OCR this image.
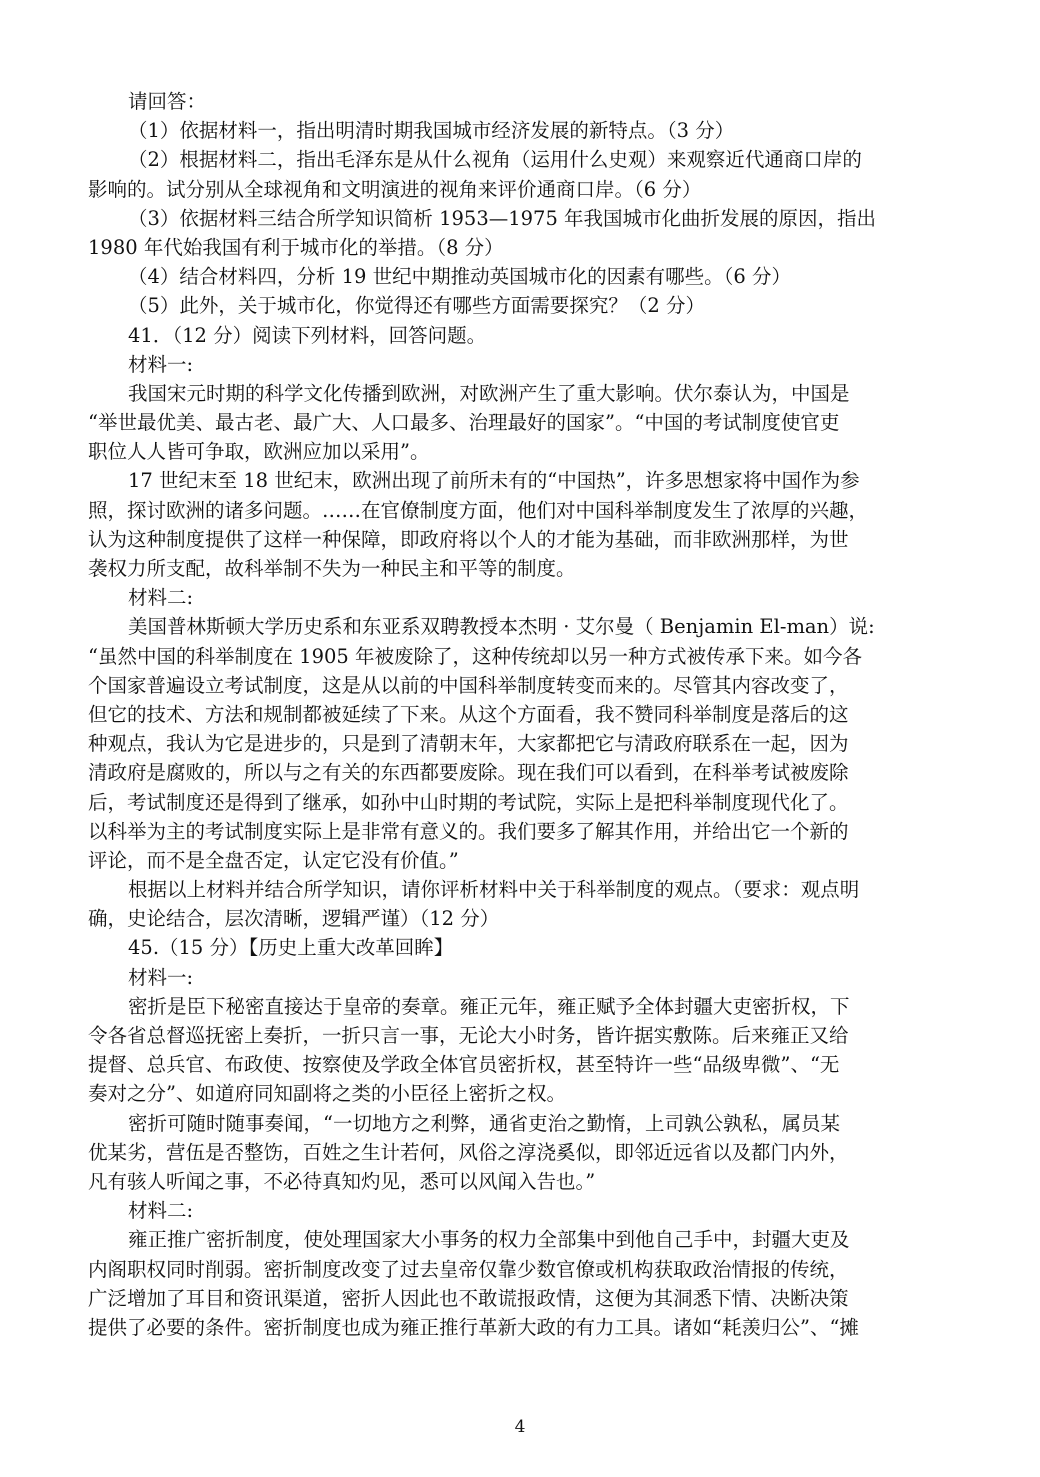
请回答：
（1）依据材料一，指出明清时期我国城市经济发展的新特点。（3 分）
（2）根据材料二，指出毛泽东是从什么视角（运用什么史观）来观察近代通商口岸的
影响的。试分别从全球视角和文明演进的视角来评价通商口岸。（6 分）
（3）依据材料三结合所学知识简析 1953—1975 年我国城市化曲折发展的原因，指出
1980 年代始我国有利于城市化的举措。（8 分）
（4）结合材料四，分析 19 世纪中期推动英国城市化的因素有哪些。（6 分）
（5）此外，关于城市化，你觉得还有哪些方面需要探究？（2 分）
41．（12 分）阅读下列材料，回答问题。
材料一:
我国宋元时期的科学文化传播到欧洲，对欧洲产生了重大影响。伏尔泰认为，中国是
“举世最优美、最古老、最广大、人口最多、治理最好的国家”。“中国的考试制度使官吏
职位人人皆可争取，欧洲应加以采用”。
17 世纪末至 18 世纪末，欧洲出现了前所未有的“中国热”，许多思想家将中国作为参
照，探讨欧洲的诸多问题。……在官僚制度方面，他们对中国科举制度发生了浓厚的兴趣，
认为这种制度提供了这样一种保障，即政府将以个人的才能为基础，而非欧洲那样，为世
袭权力所支配，故科举制不失为一种民主和平等的制度。
材料二:
美国普林斯顿大学历史系和东亚系双聘教授本杰明 · 艾尔曼（ Benjamin El-man）说:
“虽然中国的科举制度在 1905 年被废除了，这种传统却以另一种方式被传承下来。如今各
个国家普遍设立考试制度，这是从以前的中国科举制度转变而来的。尽管其内容改变了，
但它的技术、方法和规制都被延续了下来。从这个方面看，我不赞同科举制度是落后的这
种观点，我认为它是进步的，只是到了清朝末年，大家都把它与清政府联系在一起，因为
清政府是腐败的，所以与之有关的东西都要废除。现在我们可以看到，在科举考试被废除
后，考试制度还是得到了继承，如孙中山时期的考试院，实际上是把科举制度现代化了。
以科举为主的考试制度实际上是非常有意义的。我们要多了解其作用，并给出它一个新的
评论，而不是全盘否定，认定它没有价值。”
根据以上材料并结合所学知识，请你评析材料中关于科举制度的观点。（要求：观点明
确，史论结合，层次清晰，逻辑严谨）（12 分）
45.（15 分）【历史上重大改革回眸】
材料一:
密折是臣下秘密直接达于皇帝的奏章。雍正元年，雍正赋予全体封疆大吏密折权，下
令各省总督巡抚密上奏折，一折只言一事，无论大小时务，皆许据实敷陈。后来雍正又给
提督、总兵官、布政使、按察使及学政全体官员密折权，甚至特许一些“品级卑微”、“无
奏对之分”、如道府同知副将之类的小臣径上密折之权。
密折可随时随事奏闻，“一切地方之利弊，通省吏治之勤惰，上司孰公孰私，属员某
优某劣，营伍是否整饬，百姓之生计若何，风俗之淳浇奚似，即邻近远省以及都门内外，
凡有骇人听闻之事，不必待真知灼见，悉可以风闻入告也。”
材料二:
雍正推广密折制度，使处理国家大小事务的权力全部集中到他自己手中，封疆大吏及
内阁职权同时削弱。密折制度改变了过去皇帝仅靠少数官僚或机构获取政治情报的传统，
广泛增加了耳目和资讯渠道，密折人因此也不敢谎报政情，这便为其洞悉下情、决断决策
提供了必要的条件。密折制度也成为雍正推行革新大政的有力工具。诸如“耗羡归公”、“摊
4
